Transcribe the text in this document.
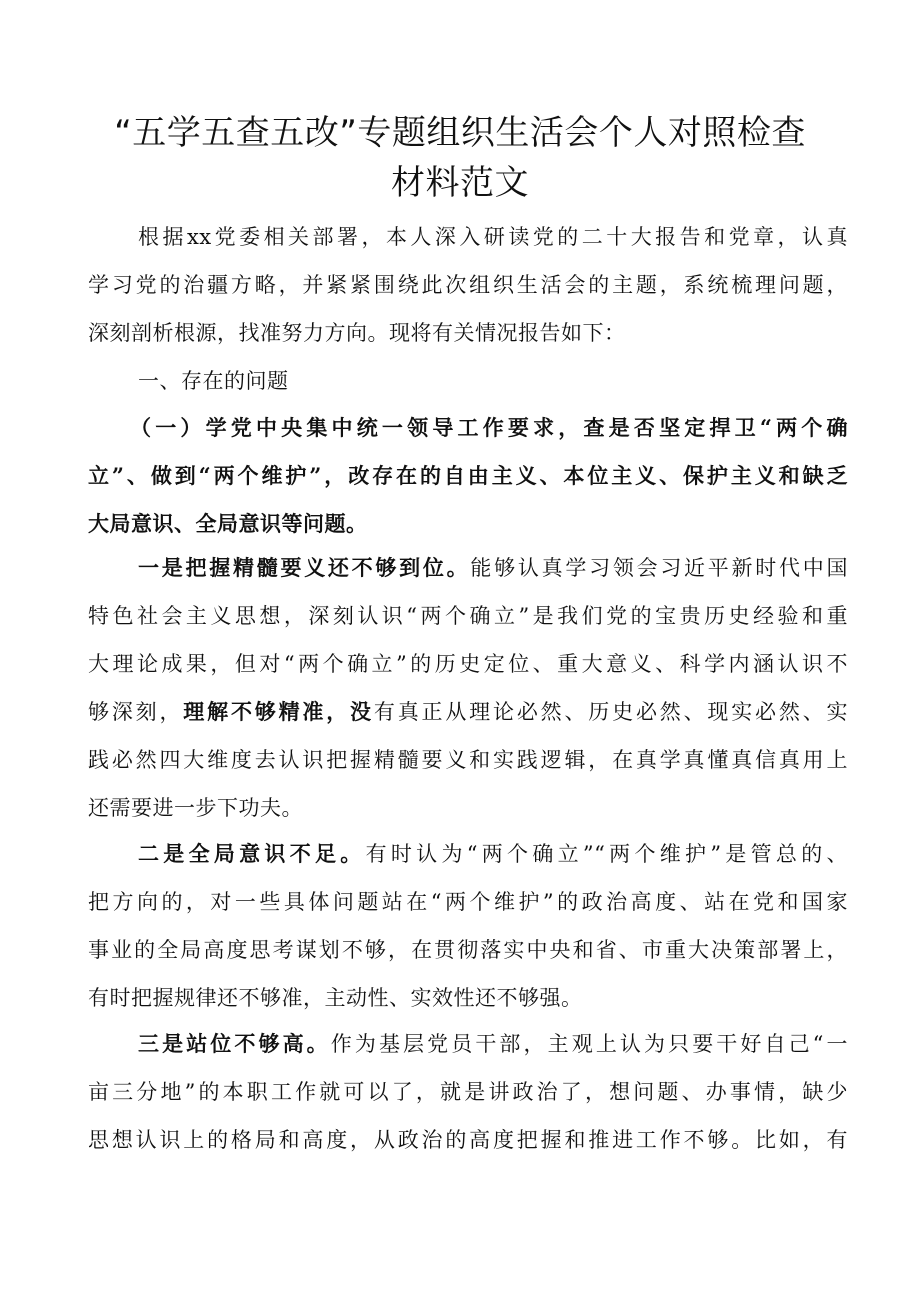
“五学五查五改”专题组织生活会个人对照检查
材料范文
根据xx党委相关部署，本人深入研读党的二十大报告和党章，认真
学习党的治疆方略，并紧紧围绕此次组织生活会的主题，系统梳理问题，
深刻剖析根源，找准努力方向。现将有关情况报告如下：
一、存在的问题
（一）学党中央集中统一领导工作要求，查是否坚定捍卫“两个确
立”、做到“两个维护”，改存在的自由主义、本位主义、保护主义和缺乏
大局意识、全局意识等问题。
一是把握精髓要义还不够到位。能够认真学习领会习近平新时代中国
特色社会主义思想，深刻认识“两个确立”是我们党的宝贵历史经验和重
大理论成果，但对“两个确立”的历史定位、重大意义、科学内涵认识不
够深刻，理解不够精准，没有真正从理论必然、历史必然、现实必然、实
践必然四大维度去认识把握精髓要义和实践逻辑，在真学真懂真信真用上
还需要进一步下功夫。
二是全局意识不足。有时认为“两个确立”“两个维护”是管总的、
把方向的，对一些具体问题站在“两个维护”的政治高度、站在党和国家
事业的全局高度思考谋划不够，在贯彻落实中央和省、市重大决策部署上，
有时把握规律还不够准，主动性、实效性还不够强。
三是站位不够高。作为基层党员干部，主观上认为只要干好自己“一
亩三分地”的本职工作就可以了，就是讲政治了，想问题、办事情，缺少
思想认识上的格局和高度，从政治的高度把握和推进工作不够。比如，有
